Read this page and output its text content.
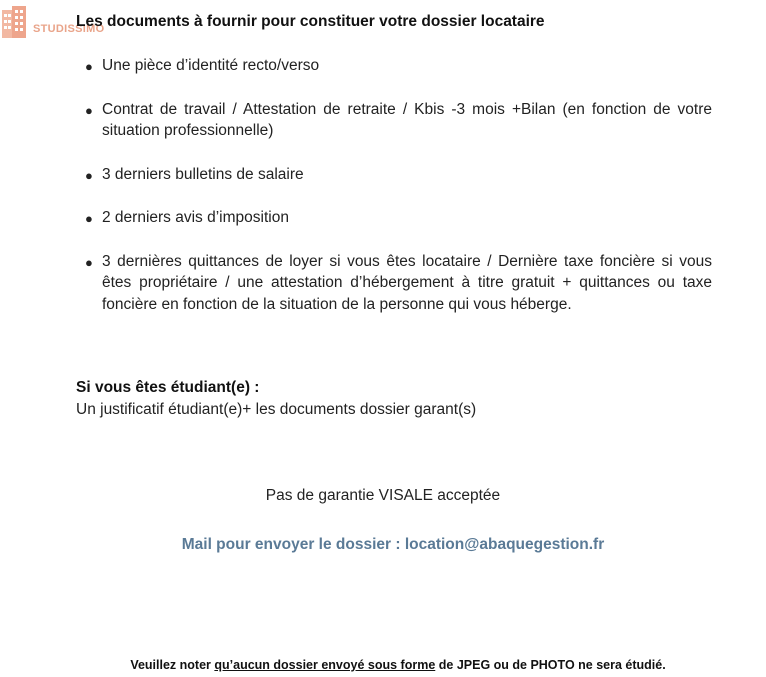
STUDISSIMO
Les documents à fournir pour constituer votre dossier locataire
● Une pièce d’identité recto/verso
● Contrat de travail / Attestation de retraite / Kbis -3 mois +Bilan (en fonction de votre situation professionnelle)
● 3 derniers bulletins de salaire
● 2 derniers avis d’imposition
● 3 dernières quittances de loyer si vous êtes locataire / Dernière taxe foncière si vous êtes propriétaire / une attestation d’hébergement à titre gratuit + quittances ou taxe foncière en fonction de la situation de la personne qui vous héberge.
Si vous êtes étudiant(e) :
Un justificatif étudiant(e)+ les documents dossier garant(s)
Pas de garantie VISALE acceptée
Mail pour envoyer le dossier : location@abaquegestion.fr
Veuillez noter qu’aucun dossier envoyé sous forme de JPEG ou de PHOTO ne sera étudié.
